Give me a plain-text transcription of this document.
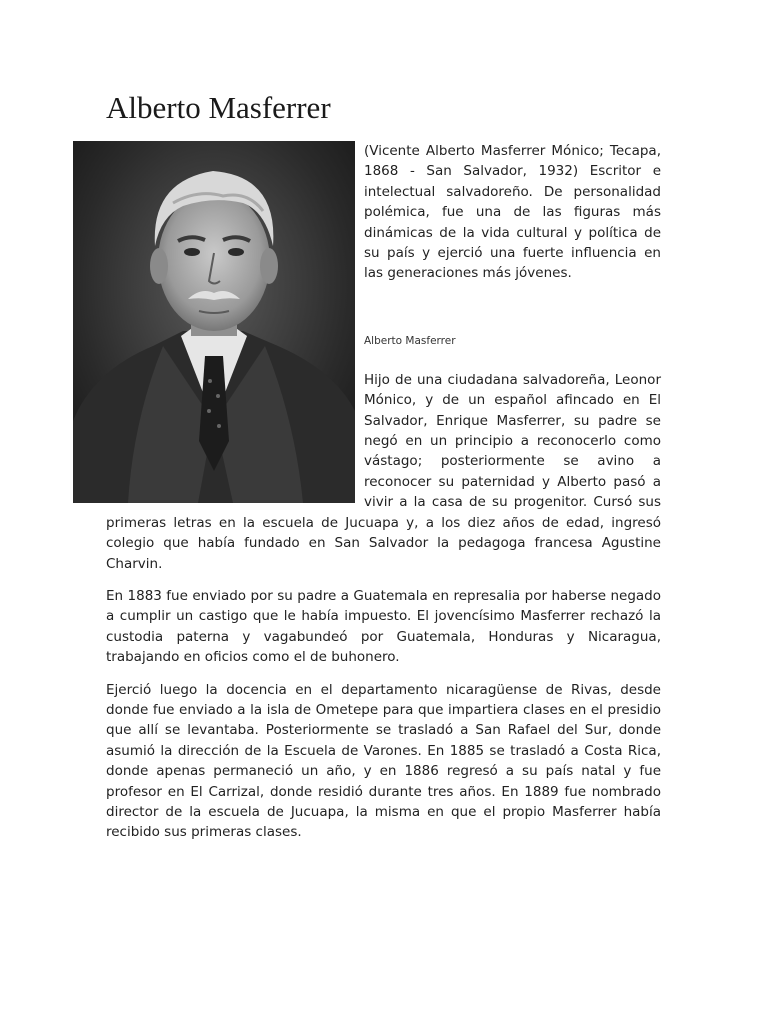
Alberto Masferrer

(Vicente Alberto Masferrer Mónico; Tecapa, 1868 - San Salvador, 1932) Escritor e intelectual salvadoreño. De personalidad polémica, fue una de las figuras más dinámicas de la vida cultural y política de su país y ejerció una fuerte influencia en las generaciones más jóvenes.

Alberto Masferrer

Hijo de una ciudadana salvadoreña, Leonor Mónico, y de un español afincado en El Salvador, Enrique Masferrer, su padre se negó en un principio a reconocerlo como vástago; posteriormente se avino a reconocer su paternidad y Alberto pasó a vivir a la casa de su progenitor. Cursó sus primeras letras en la escuela de Jucuapa y, a los diez años de edad, ingresó colegio que había fundado en San Salvador la pedagoga francesa Agustine Charvin.

En 1883 fue enviado por su padre a Guatemala en represalia por haberse negado a cumplir un castigo que le había impuesto. El jovencísimo Masferrer rechazó la custodia paterna y vagabundeó por Guatemala, Honduras y Nicaragua, trabajando en oficios como el de buhonero.

Ejerció luego la docencia en el departamento nicaragüense de Rivas, desde donde fue enviado a la isla de Ometepe para que impartiera clases en el presidio que allí se levantaba. Posteriormente se trasladó a San Rafael del Sur, donde asumió la dirección de la Escuela de Varones. En 1885 se trasladó a Costa Rica, donde apenas permaneció un año, y en 1886 regresó a su país natal y fue profesor en El Carrizal, donde residió durante tres años. En 1889 fue nombrado director de la escuela de Jucuapa, la misma en que el propio Masferrer había recibido sus primeras clases.
